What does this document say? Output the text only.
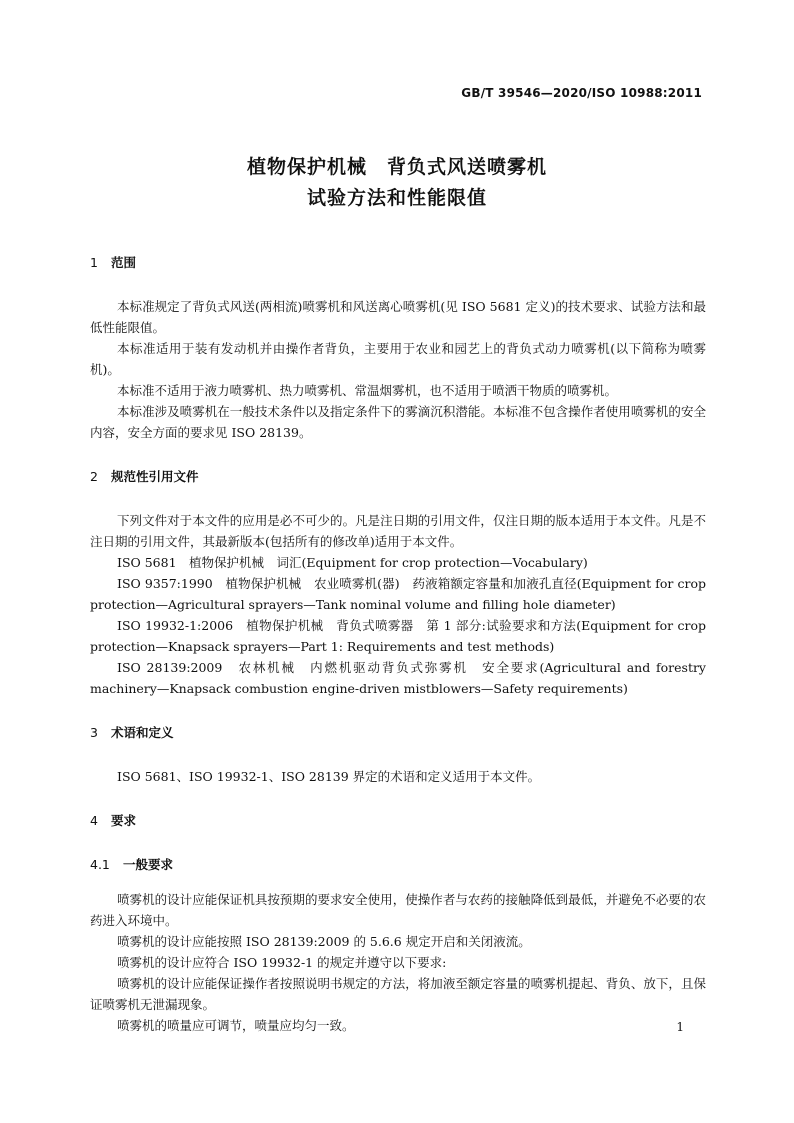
GB/T 39546—2020/ISO 10988:2011
植物保护机械　背负式风送喷雾机
试验方法和性能限值
1 范围

本标准规定了背负式风送(两相流)喷雾机和风送离心喷雾机(见 ISO 5681 定义)的技术要求、试验方法和最低性能限值。

本标准适用于装有发动机并由操作者背负，主要用于农业和园艺上的背负式动力喷雾机(以下简称为喷雾机)。

本标准不适用于液力喷雾机、热力喷雾机、常温烟雾机，也不适用于喷洒干物质的喷雾机。

本标准涉及喷雾机在一般技术条件以及指定条件下的雾滴沉积潜能。本标准不包含操作者使用喷雾机的安全内容，安全方面的要求见 ISO 28139。

2 规范性引用文件

下列文件对于本文件的应用是必不可少的。凡是注日期的引用文件，仅注日期的版本适用于本文件。凡是不注日期的引用文件，其最新版本(包括所有的修改单)适用于本文件。

ISO 5681　植物保护机械　词汇(Equipment for crop protection—Vocabulary)

ISO 9357:1990　植物保护机械　农业喷雾机(器)　药液箱额定容量和加液孔直径(Equipment for crop protection—Agricultural sprayers—Tank nominal volume and filling hole diameter)

ISO 19932-1:2006　植物保护机械　背负式喷雾器　第 1 部分:试验要求和方法(Equipment for crop protection—Knapsack sprayers—Part 1: Requirements and test methods)

ISO 28139:2009　农林机械　内燃机驱动背负式弥雾机　安全要求(Agricultural and forestry machinery—Knapsack combustion engine-driven mistblowers—Safety requirements)

3 术语和定义

ISO 5681、ISO 19932-1、ISO 28139 界定的术语和定义适用于本文件。

4 要求
4.1 一般要求

喷雾机的设计应能保证机具按预期的要求安全使用，使操作者与农药的接触降低到最低，并避免不必要的农药进入环境中。

喷雾机的设计应能按照 ISO 28139:2009 的 5.6.6 规定开启和关闭液流。

喷雾机的设计应符合 ISO 19932-1 的规定并遵守以下要求:

喷雾机的设计应能保证操作者按照说明书规定的方法，将加液至额定容量的喷雾机提起、背负、放下，且保证喷雾机无泄漏现象。

喷雾机的喷量应可调节，喷量应均匀一致。	1
